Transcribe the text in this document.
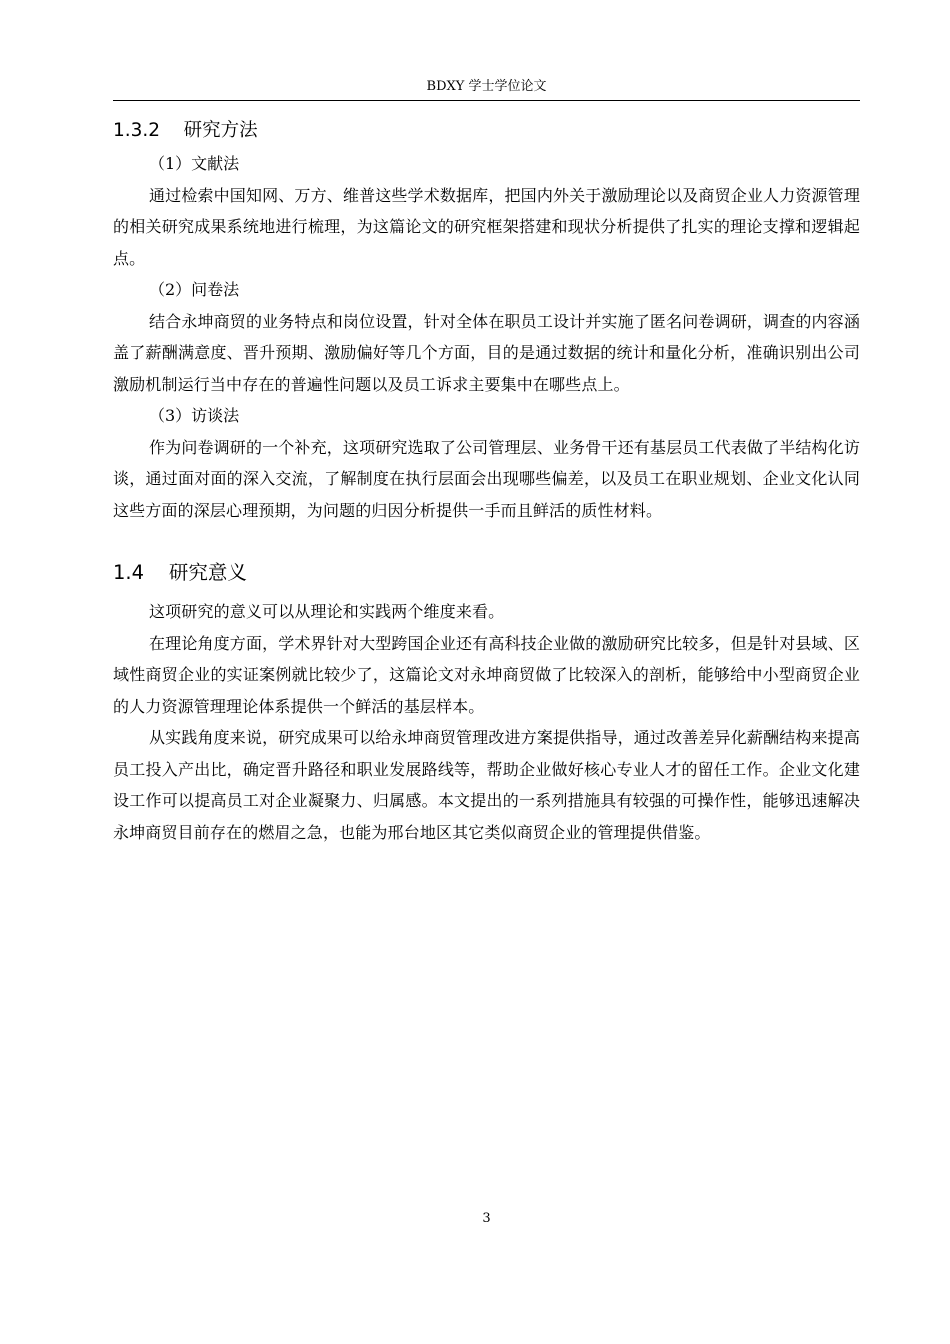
BDXY 学士学位论文
1.3.2 研究方法

（1）文献法

通过检索中国知网、万方、维普这些学术数据库，把国内外关于激励理论以及商贸企业人力资源管理的相关研究成果系统地进行梳理，为这篇论文的研究框架搭建和现状分析提供了扎实的理论支撑和逻辑起点。

（2）问卷法

结合永坤商贸的业务特点和岗位设置，针对全体在职员工设计并实施了匿名问卷调研，调查的内容涵盖了薪酬满意度、晋升预期、激励偏好等几个方面，目的是通过数据的统计和量化分析，准确识别出公司激励机制运行当中存在的普遍性问题以及员工诉求主要集中在哪些点上。

（3）访谈法

作为问卷调研的一个补充，这项研究选取了公司管理层、业务骨干还有基层员工代表做了半结构化访谈，通过面对面的深入交流，了解制度在执行层面会出现哪些偏差，以及员工在职业规划、企业文化认同这些方面的深层心理预期，为问题的归因分析提供一手而且鲜活的质性材料。

1.4 研究意义

这项研究的意义可以从理论和实践两个维度来看。

在理论角度方面，学术界针对大型跨国企业还有高科技企业做的激励研究比较多，但是针对县域、区域性商贸企业的实证案例就比较少了，这篇论文对永坤商贸做了比较深入的剖析，能够给中小型商贸企业的人力资源管理理论体系提供一个鲜活的基层样本。

从实践角度来说，研究成果可以给永坤商贸管理改进方案提供指导，通过改善差异化薪酬结构来提高员工投入产出比，确定晋升路径和职业发展路线等，帮助企业做好核心专业人才的留任工作。企业文化建设工作可以提高员工对企业凝聚力、归属感。本文提出的一系列措施具有较强的可操作性，能够迅速解决永坤商贸目前存在的燃眉之急，也能为邢台地区其它类似商贸企业的管理提供借鉴。

3
